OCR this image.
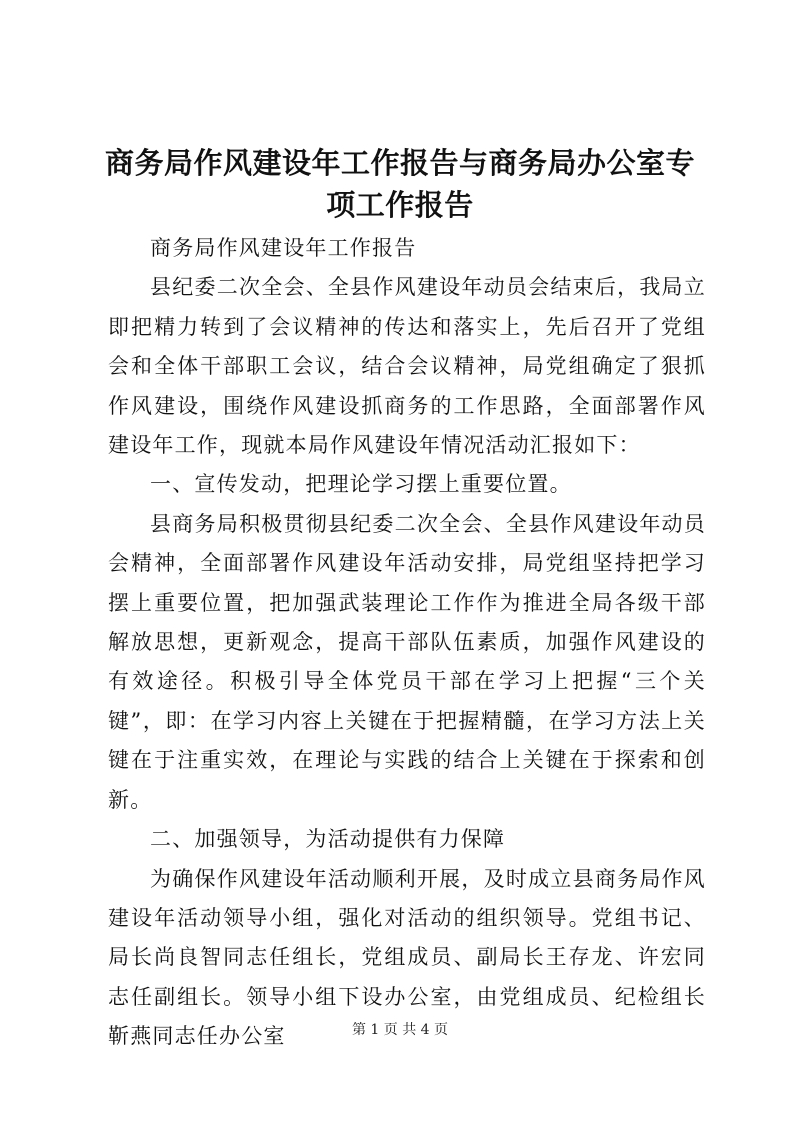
商务局作风建设年工作报告与商务局办公室专项工作报告

商务局作风建设年工作报告

县纪委二次全会、全县作风建设年动员会结束后，我局立即把精力转到了会议精神的传达和落实上，先后召开了党组会和全体干部职工会议，结合会议精神，局党组确定了狠抓作风建设，围绕作风建设抓商务的工作思路，全面部署作风建设年工作，现就本局作风建设年情况活动汇报如下：

一、宣传发动，把理论学习摆上重要位置。

县商务局积极贯彻县纪委二次全会、全县作风建设年动员会精神，全面部署作风建设年活动安排，局党组坚持把学习摆上重要位置，把加强武装理论工作作为推进全局各级干部解放思想，更新观念，提高干部队伍素质，加强作风建设的有效途径。积极引导全体党员干部在学习上把握“三个关键”，即：在学习内容上关键在于把握精髓，在学习方法上关键在于注重实效，在理论与实践的结合上关键在于探索和创新。

二、加强领导，为活动提供有力保障

为确保作风建设年活动顺利开展，及时成立县商务局作风建设年活动领导小组，强化对活动的组织领导。党组书记、局长尚良智同志任组长，党组成员、副局长王存龙、许宏同志任副组长。领导小组下设办公室，由党组成员、纪检组长靳燕同志任办公室	第 1 页 共 4 页
